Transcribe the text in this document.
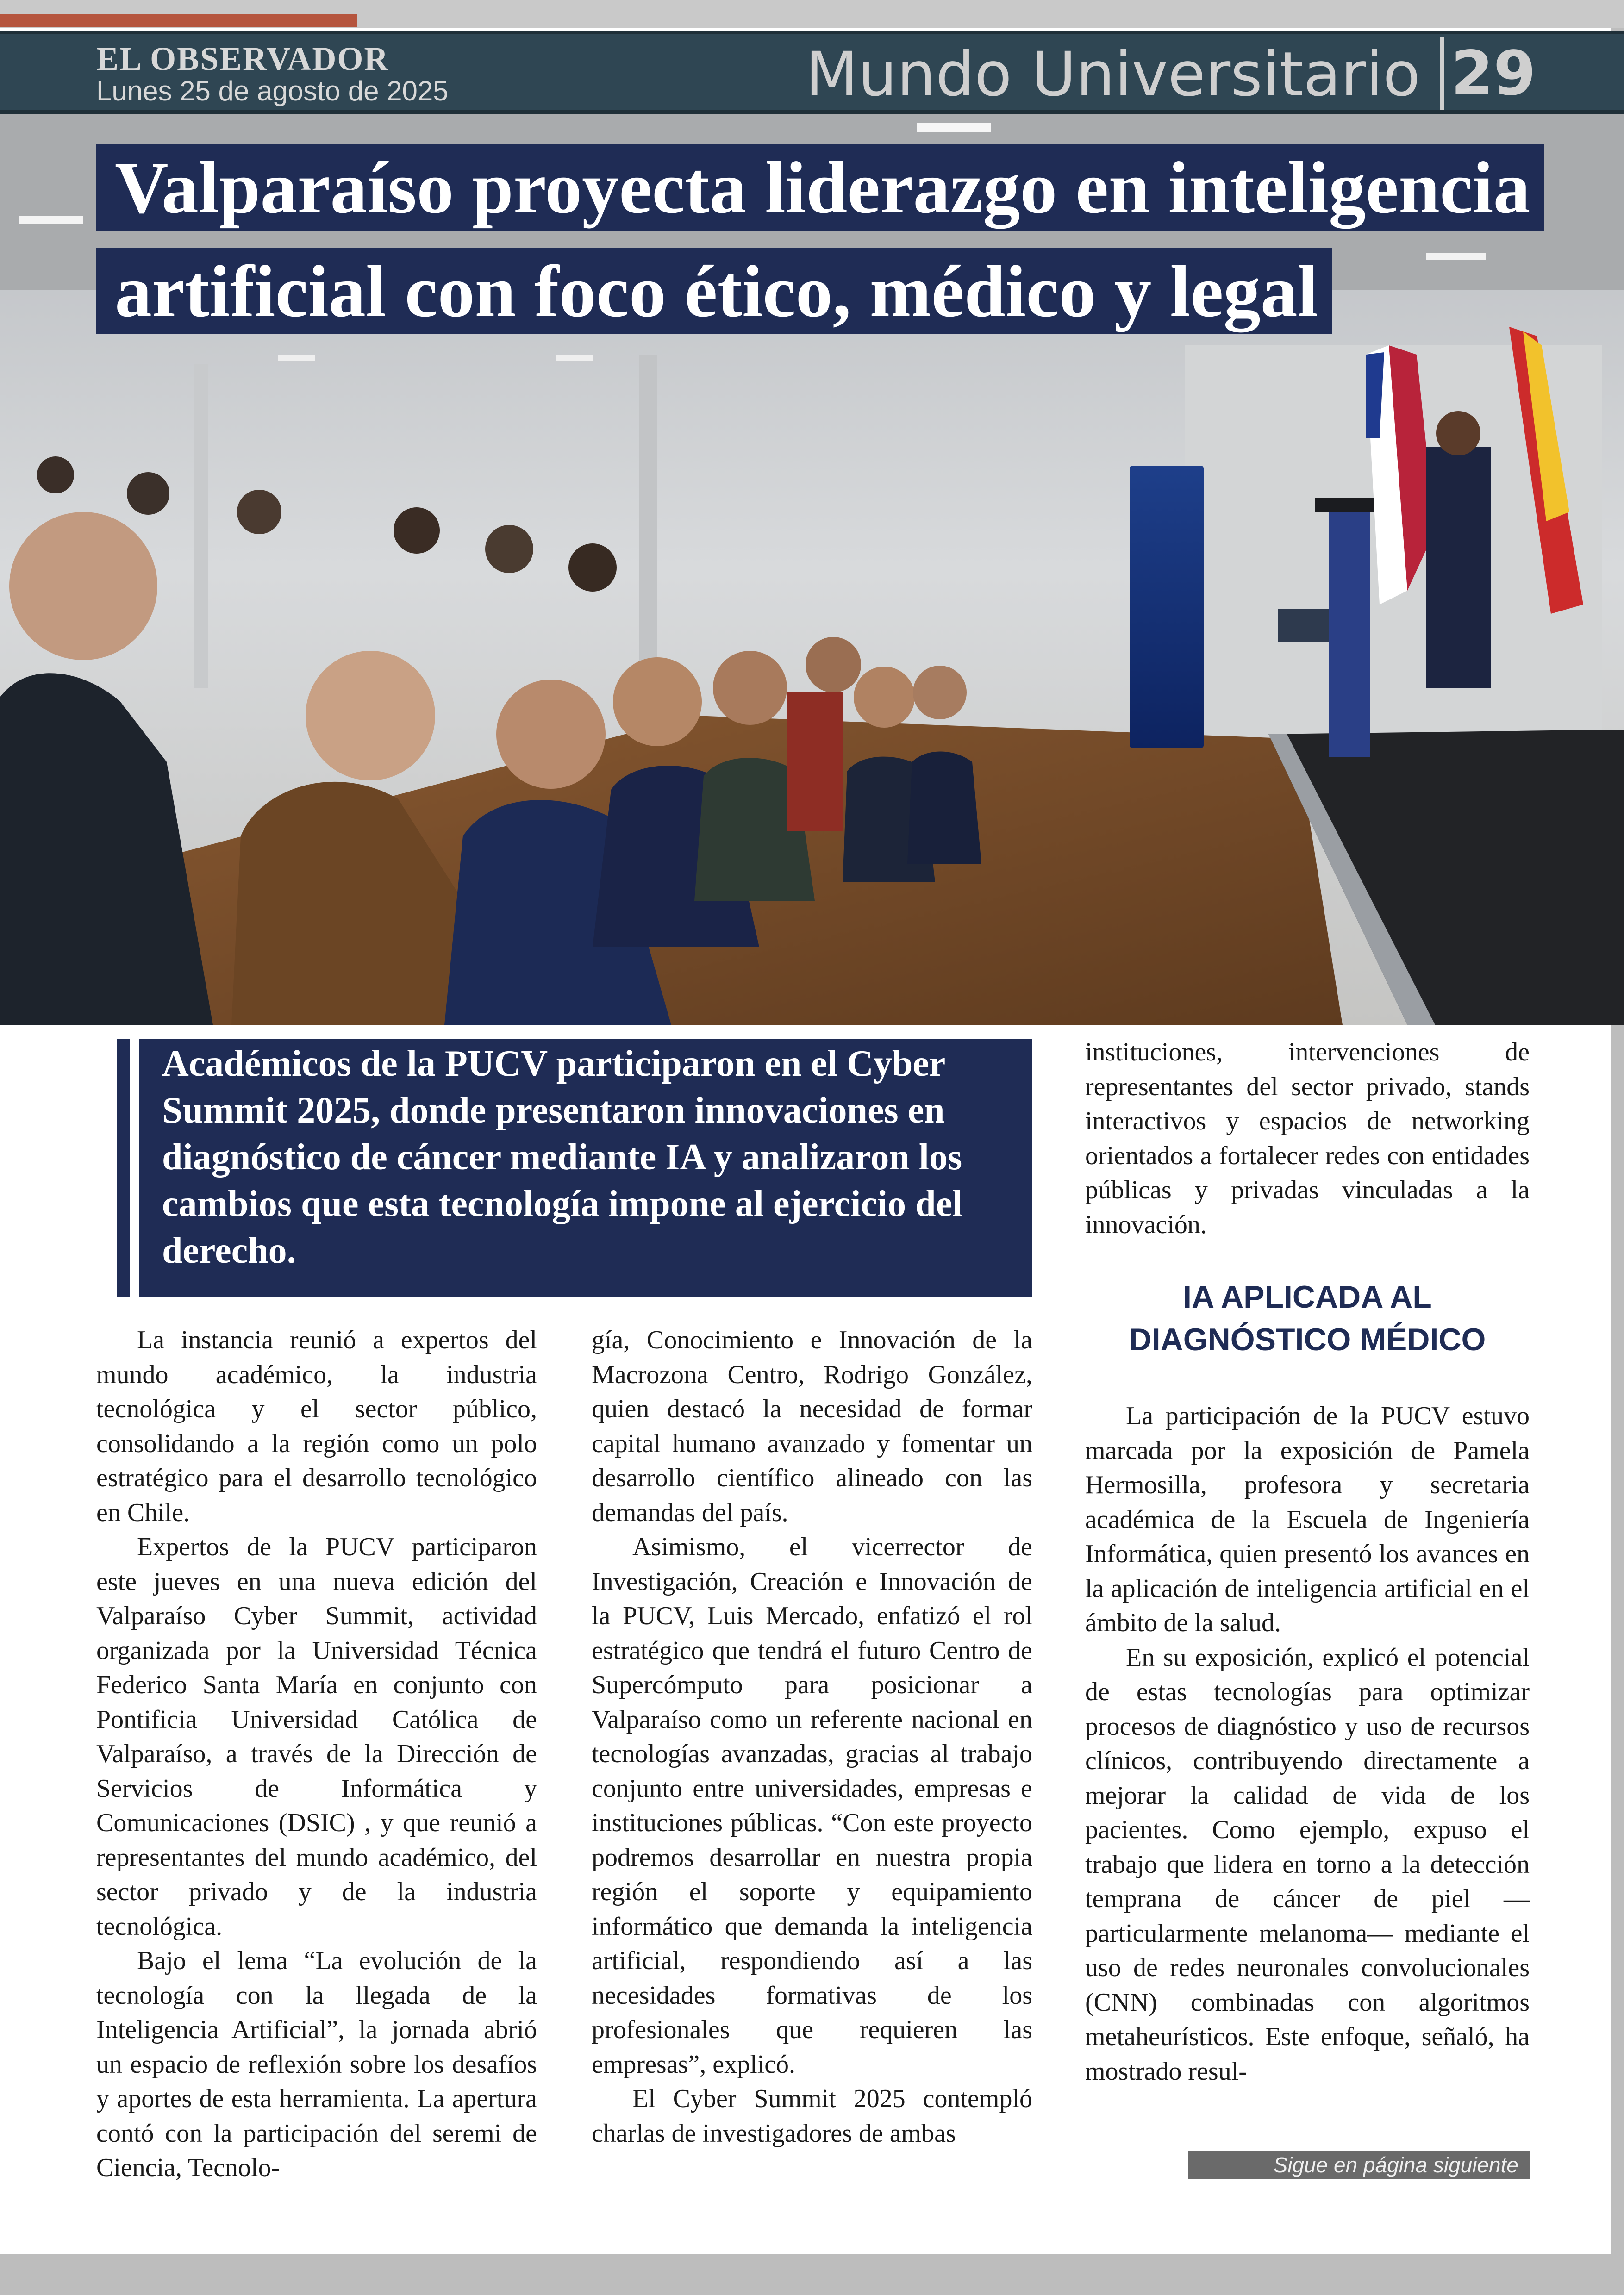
EL OBSERVADOR
Lunes 25 de agosto de 2025	Mundo Universitario 29
Valparaíso proyecta liderazgo en inteligencia
artificial con foco ético, médico y legal

Académicos de la PUCV participaron en el Cyber Summit 2025, donde presentaron innovaciones en diagnóstico de cáncer mediante IA y analizaron los cambios que esta tecnología impone al ejercicio del derecho.

La instancia reunió a expertos del mundo académico, la industria tecnológica y el sector público, consolidando a la región como un polo estratégico para el desarrollo tecnológico en Chile.

Expertos de la PUCV participaron este jueves en una nueva edición del Valparaíso Cyber Summit, actividad organizada por la Universidad Técnica Federico Santa María en conjunto con Pontificia Universidad Católica de Valparaíso, a través de la Dirección de Servicios de Informática y Comunicaciones (DSIC) , y que reunió a representantes del mundo académico, del sector privado y de la industria tecnológica.

Bajo el lema “La evolución de la tecnología con la llegada de la Inteligencia Artificial”, la jornada abrió un espacio de reflexión sobre los desafíos y aportes de esta herramienta. La apertura contó con la participación del seremi de Ciencia, Tecnolo-

gía, Conocimiento e Innovación de la Macrozona Centro, Rodrigo González, quien destacó la necesidad de formar capital humano avanzado y fomentar un desarrollo científico alineado con las demandas del país.

Asimismo, el vicerrector de Investigación, Creación e Innovación de la PUCV, Luis Mercado, enfatizó el rol estratégico que tendrá el futuro Centro de Supercómputo para posicionar a Valparaíso como un referente nacional en tecnologías avanzadas, gracias al trabajo conjunto entre universidades, empresas e instituciones públicas. “Con este proyecto podremos desarrollar en nuestra propia región el soporte y equipamiento informático que demanda la inteligencia artificial, respondiendo así a las necesidades formativas de los profesionales que requieren las empresas”, explicó.

El Cyber Summit 2025 contempló charlas de investigadores de ambas

instituciones, intervenciones de representantes del sector privado, stands interactivos y espacios de networking orientados a fortalecer redes con entidades públicas y privadas vinculadas a la innovación.

IA APLICADA AL
DIAGNÓSTICO MÉDICO

La participación de la PUCV estuvo marcada por la exposición de Pamela Hermosilla, profesora y secretaria académica de la Escuela de Ingeniería Informática, quien presentó los avances en la aplicación de inteligencia artificial en el ámbito de la salud.

En su exposición, explicó el potencial de estas tecnologías para optimizar procesos de diagnóstico y uso de recursos clínicos, contribuyendo directamente a mejorar la calidad de vida de los pacientes. Como ejemplo, expuso el trabajo que lidera en torno a la detección temprana de cáncer de piel —particularmente melanoma— mediante el uso de redes neuronales convolucionales (CNN) combinadas con algoritmos metaheurísticos. Este enfoque, señaló, ha mostrado resul-

Sigue en página siguiente
